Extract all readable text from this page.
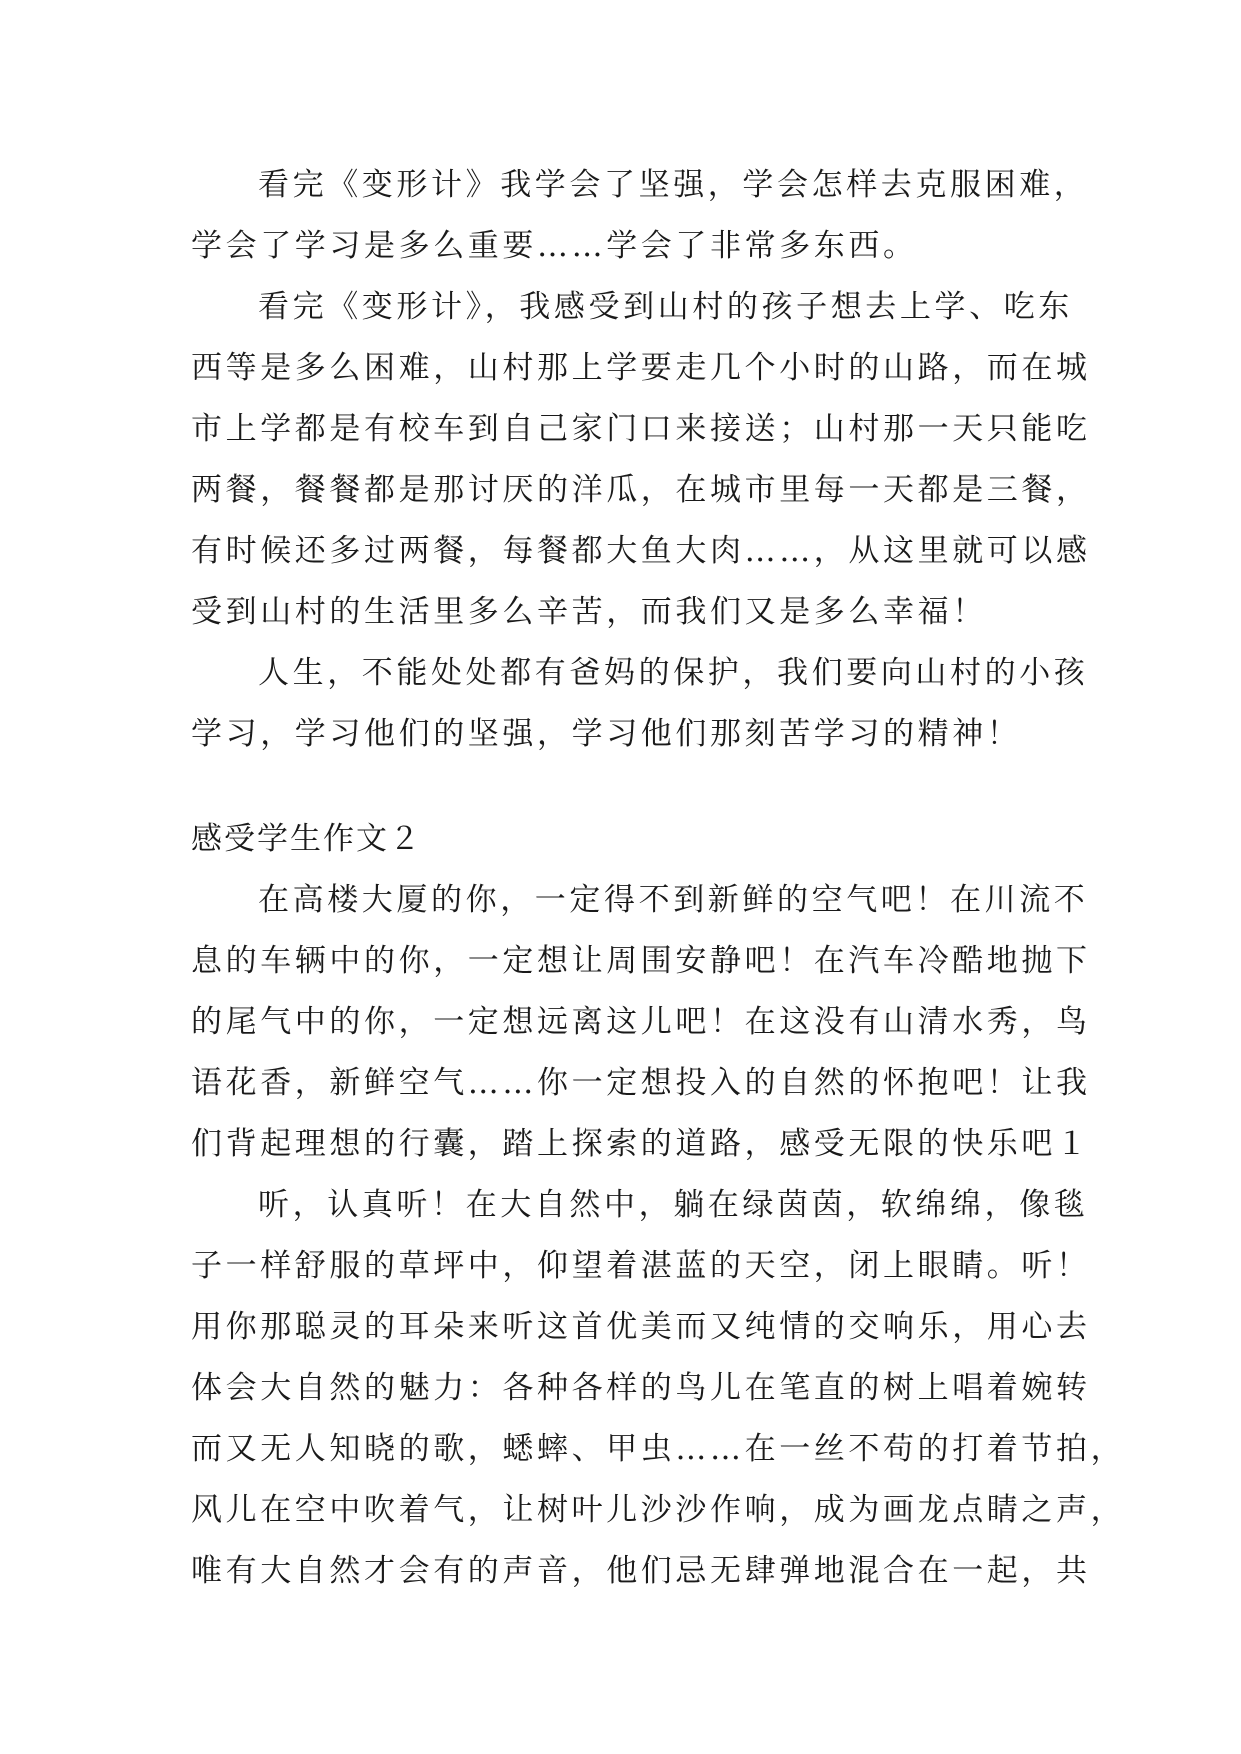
看完《变形计》我学会了坚强，学会怎样去克服困难，
学会了学习是多么重要……学会了非常多东西。
看完《变形计》，我感受到山村的孩子想去上学、吃东
西等是多么困难，山村那上学要走几个小时的山路，而在城
市上学都是有校车到自己家门口来接送；山村那一天只能吃
两餐，餐餐都是那讨厌的洋瓜，在城市里每一天都是三餐，
有时候还多过两餐，每餐都大鱼大肉……，从这里就可以感
受到山村的生活里多么辛苦，而我们又是多么幸福！
人生，不能处处都有爸妈的保护，我们要向山村的小孩
学习，学习他们的坚强，学习他们那刻苦学习的精神！
感受学生作文２
在高楼大厦的你，一定得不到新鲜的空气吧！在川流不
息的车辆中的你，一定想让周围安静吧！在汽车冷酷地抛下
的尾气中的你，一定想远离这儿吧！在这没有山清水秀，鸟
语花香，新鲜空气……你一定想投入的自然的怀抱吧！让我
们背起理想的行囊，踏上探索的道路，感受无限的快乐吧１
听，认真听！在大自然中，躺在绿茵茵，软绵绵，像毯
子一样舒服的草坪中，仰望着湛蓝的天空，闭上眼睛。听！
用你那聪灵的耳朵来听这首优美而又纯情的交响乐，用心去
体会大自然的魅力：各种各样的鸟儿在笔直的树上唱着婉转
而又无人知晓的歌，蟋蟀、甲虫……在一丝不苟的打着节拍，
风儿在空中吹着气，让树叶儿沙沙作响，成为画龙点睛之声，
唯有大自然才会有的声音，他们忌无肆弹地混合在一起，共
